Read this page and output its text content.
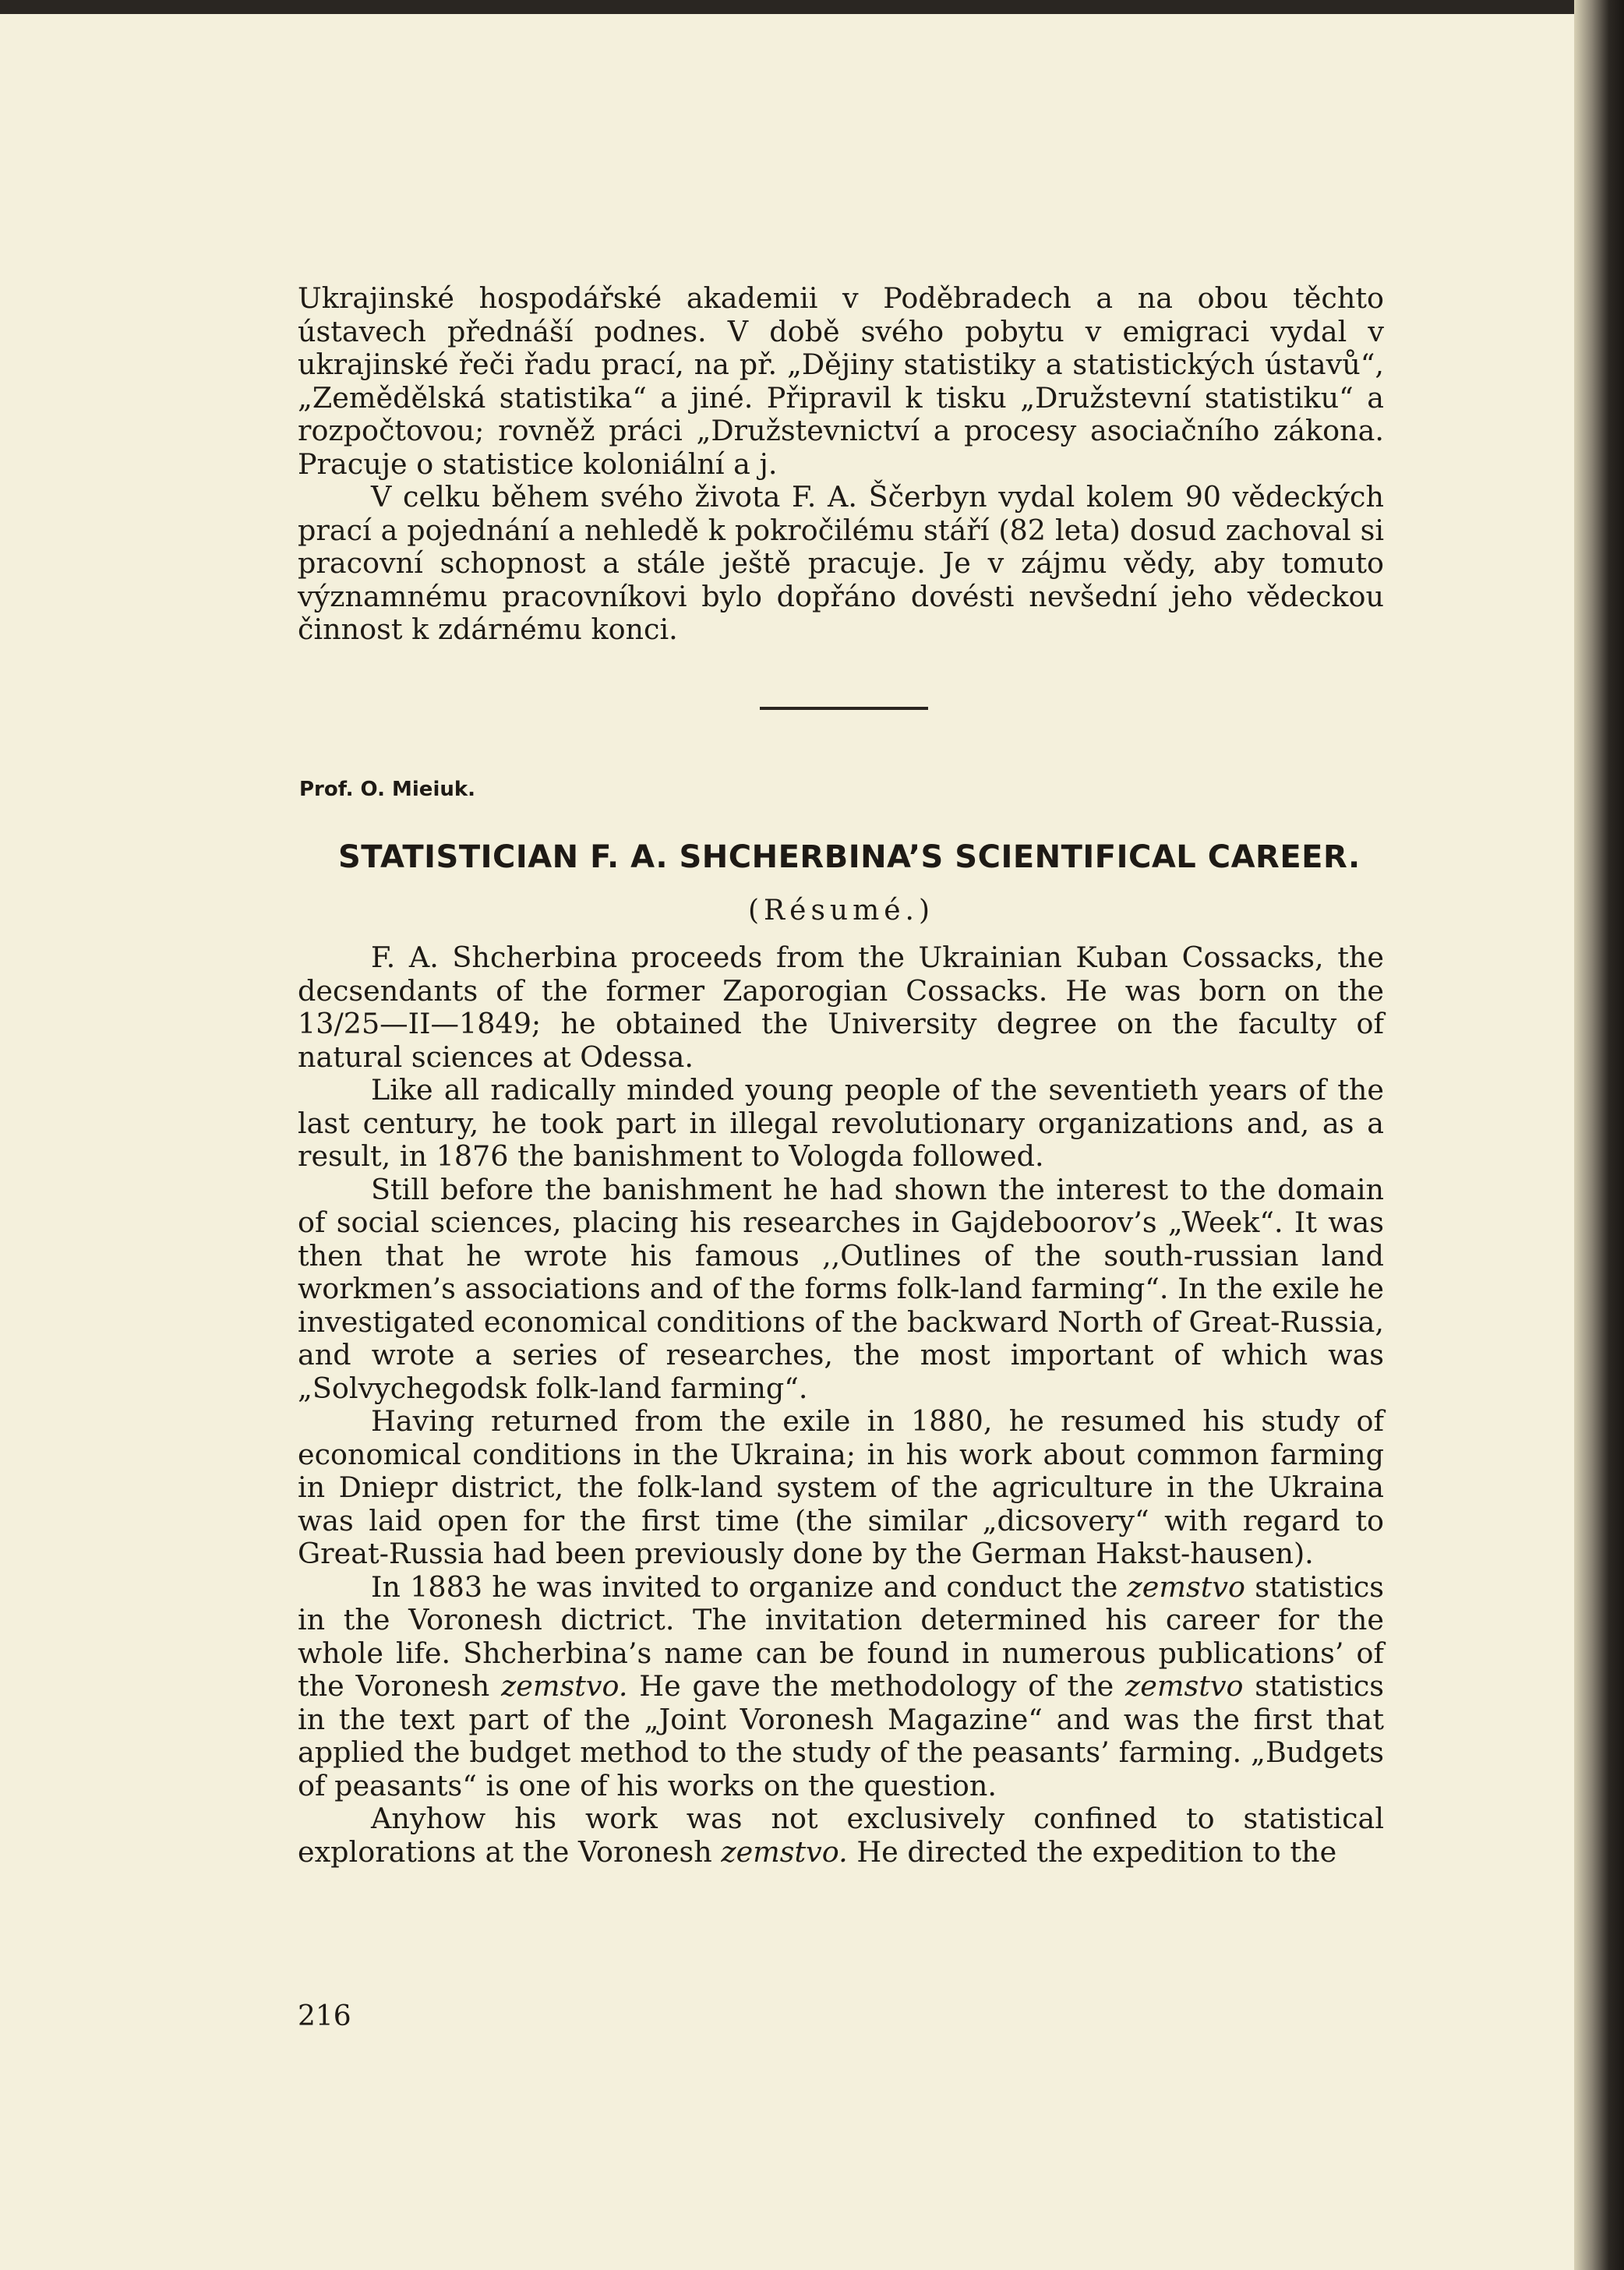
Ukrajinské hospodářské akademii v Poděbradech a na obou těchto ústavech přednáší podnes. V době svého pobytu v emigraci vydal v ukrajinské řeči řadu prací, na př. „Dějiny statistiky a statistických ústavů“, „Zemědělská statistika“ a jiné. Připravil k tisku „Družstevní statistiku“ a rozpočtovou; rovněž práci „Družstevnictví a procesy asociačního zákona. Pracuje o statistice koloniální a j.

V celku během svého života F. A. Ščerbyn vydal kolem 90 vědeckých prací a pojednání a nehledě k pokročilému stáří (82 leta) dosud zachoval si pracovní schopnost a stále ještě pracuje. Je v zájmu vědy, aby tomuto významnému pracovníkovi bylo dopřáno dovésti nevšední jeho vědeckou činnost k zdárnému konci.

Prof. O. Mieiuk.
STATISTICIAN F. A. SHCHERBINA’S SCIENTIFICAL CAREER.
(Résumé.)

F. A. Shcherbina proceeds from the Ukrainian Kuban Cossacks, the decsendants of the former Zaporogian Cossacks. He was born on the 13/25—II—1849; he obtained the University degree on the faculty of natural sciences at Odessa.

Like all radically minded young people of the seventieth years of the last century, he took part in illegal revolutionary organizations and, as a result, in 1876 the banishment to Vologda followed.

Still before the banishment he had shown the interest to the domain of social sciences, placing his researches in Gajdeboorov’s „Week“. It was then that he wrote his famous ,,Outlines of the south-russian land workmen’s associations and of the forms folk-land farming“. In the exile he investigated economical conditions of the backward North of Great-Russia, and wrote a series of researches, the most important of which was „Solvychegodsk folk-land farming“.

Having returned from the exile in 1880, he resumed his study of economical conditions in the Ukraina; in his work about common farming in Dniepr district, the folk-land system of the agriculture in the Ukraina was laid open for the first time (the similar „dicsovery“ with regard to Great-Russia had been previously done by the German Hakst-hausen).

In 1883 he was invited to organize and conduct the zemstvo statistics in the Voronesh dictrict. The invitation determined his career for the whole life. Shcherbina’s name can be found in numerous publications’ of the Voronesh zemstvo. He gave the methodology of the zemstvo statistics in the text part of the „Joint Voronesh Magazine“ and was the first that applied the budget method to the study of the peasants’ farming. „Budgets of peasants“ is one of his works on the question.

Anyhow his work was not exclusively confined to statistical explorations at the Voronesh zemstvo. He directed the expedition to the

216
